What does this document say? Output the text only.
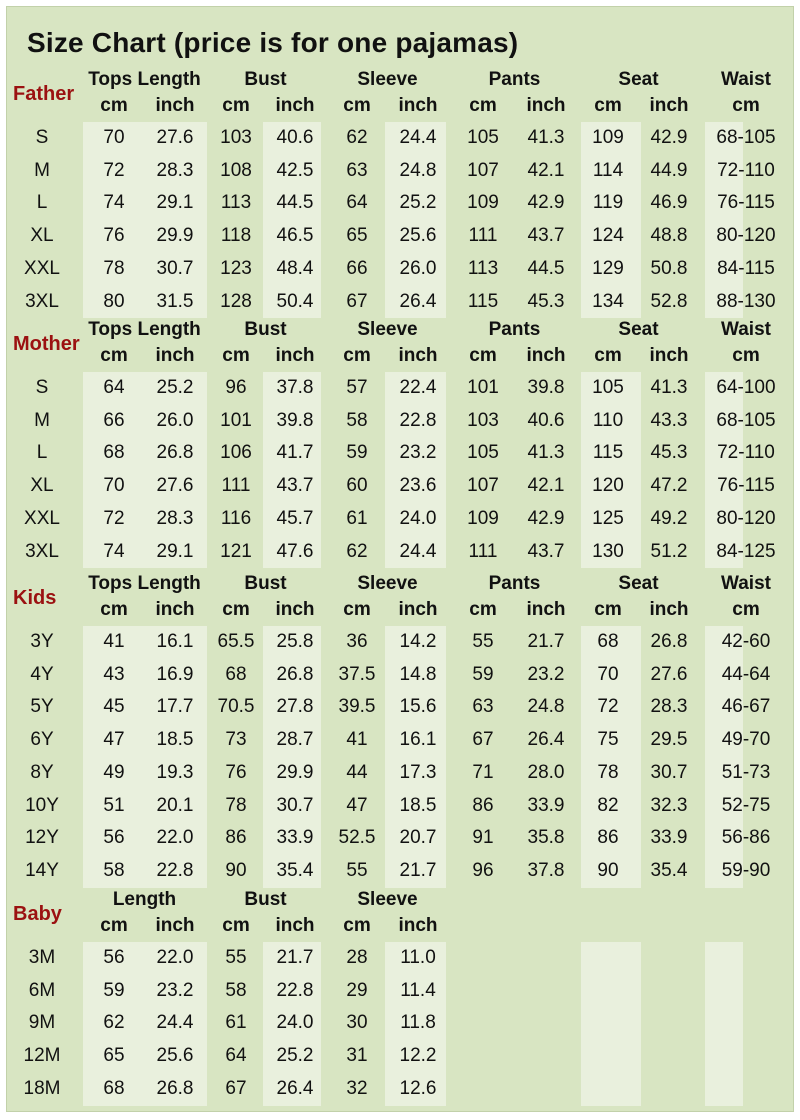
Size Chart (price is for one pajamas)
Father
Tops Length	Bust	Sleeve	Pants	Seat	Waist
cm	inch	cm	inch	cm	inch	cm	inch	cm	inch	cm
S	70	27.6	103	40.6	62	24.4	105	41.3	109	42.9	68-105
M	72	28.3	108	42.5	63	24.8	107	42.1	114	44.9	72-110
L	74	29.1	113	44.5	64	25.2	109	42.9	119	46.9	76-115
XL	76	29.9	118	46.5	65	25.6	111	43.7	124	48.8	80-120
XXL	78	30.7	123	48.4	66	26.0	113	44.5	129	50.8	84-115
3XL	80	31.5	128	50.4	67	26.4	115	45.3	134	52.8	88-130
Mother
Tops Length	Bust	Sleeve	Pants	Seat	Waist
cm	inch	cm	inch	cm	inch	cm	inch	cm	inch	cm
S	64	25.2	96	37.8	57	22.4	101	39.8	105	41.3	64-100
M	66	26.0	101	39.8	58	22.8	103	40.6	110	43.3	68-105
L	68	26.8	106	41.7	59	23.2	105	41.3	115	45.3	72-110
XL	70	27.6	111	43.7	60	23.6	107	42.1	120	47.2	76-115
XXL	72	28.3	116	45.7	61	24.0	109	42.9	125	49.2	80-120
3XL	74	29.1	121	47.6	62	24.4	111	43.7	130	51.2	84-125
Kids
Tops Length	Bust	Sleeve	Pants	Seat	Waist
cm	inch	cm	inch	cm	inch	cm	inch	cm	inch	cm
3Y	41	16.1	65.5	25.8	36	14.2	55	21.7	68	26.8	42-60
4Y	43	16.9	68	26.8	37.5	14.8	59	23.2	70	27.6	44-64
5Y	45	17.7	70.5	27.8	39.5	15.6	63	24.8	72	28.3	46-67
6Y	47	18.5	73	28.7	41	16.1	67	26.4	75	29.5	49-70
8Y	49	19.3	76	29.9	44	17.3	71	28.0	78	30.7	51-73
10Y	51	20.1	78	30.7	47	18.5	86	33.9	82	32.3	52-75
12Y	56	22.0	86	33.9	52.5	20.7	91	35.8	86	33.9	56-86
14Y	58	22.8	90	35.4	55	21.7	96	37.8	90	35.4	59-90
Baby
Length	Bust	Sleeve
cm	inch	cm	inch	cm	inch
3M	56	22.0	55	21.7	28	11.0
6M	59	23.2	58	22.8	29	11.4
9M	62	24.4	61	24.0	30	11.8
12M	65	25.6	64	25.2	31	12.2
18M	68	26.8	67	26.4	32	12.6
